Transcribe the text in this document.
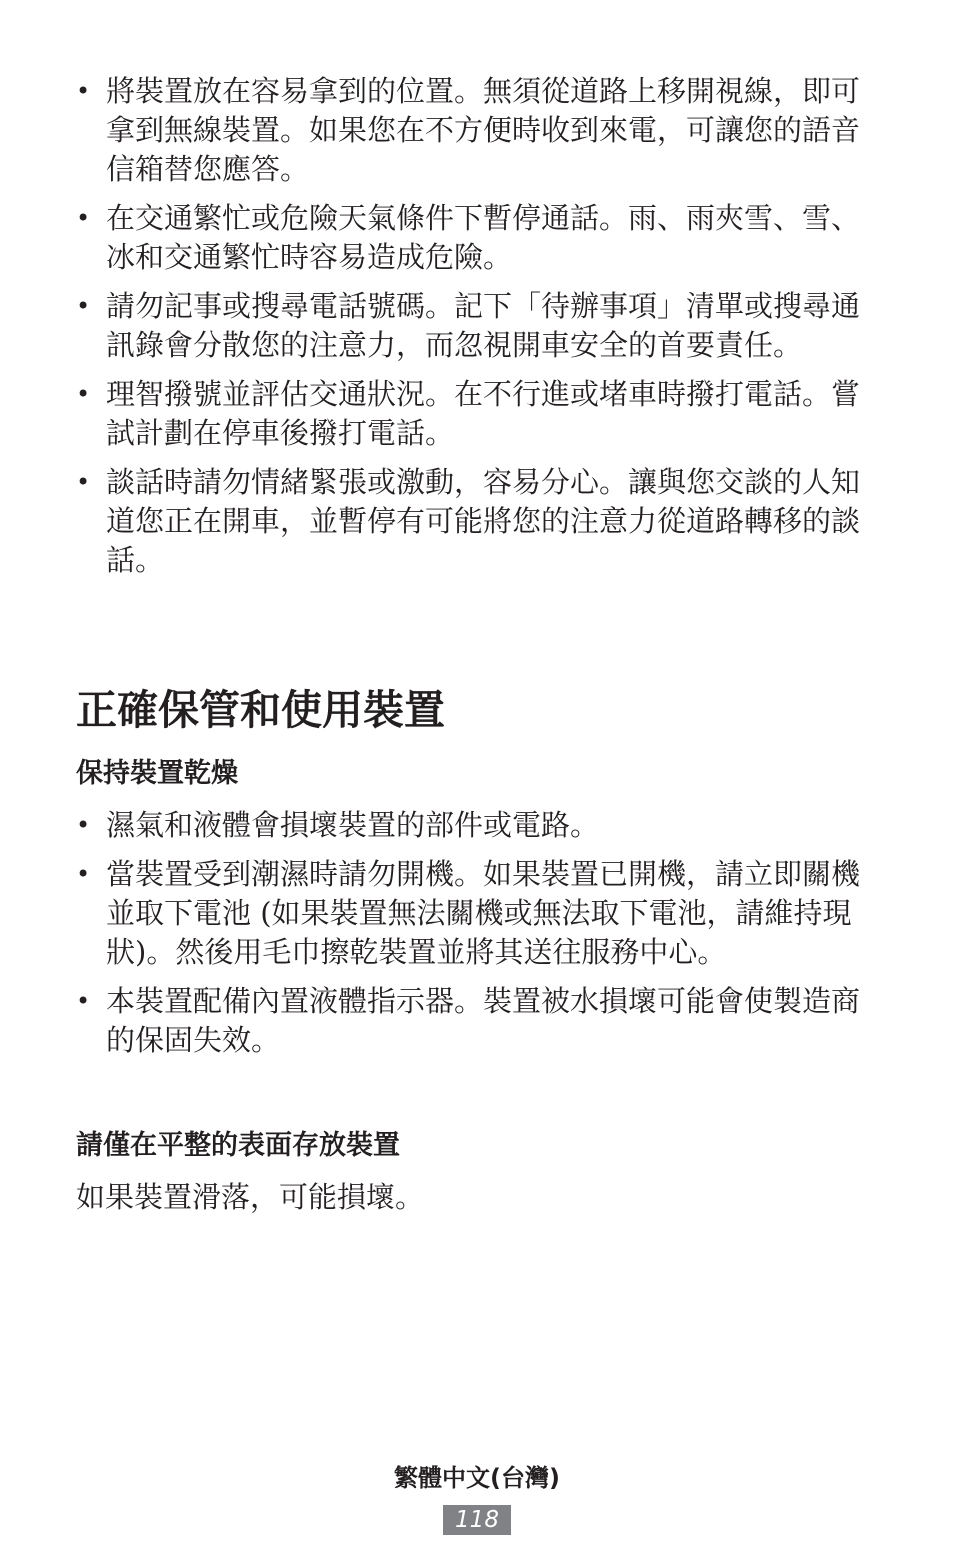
• 將裝置放在容易拿到的位置。無須從道路上移開視線，即可拿到無線裝置。如果您在不方便時收到來電，可讓您的語音信箱替您應答。
• 在交通繁忙或危險天氣條件下暫停通話。雨、雨夾雪、雪、冰和交通繁忙時容易造成危險。
• 請勿記事或搜尋電話號碼。記下「待辦事項」清單或搜尋通訊錄會分散您的注意力，而忽視開車安全的首要責任。
• 理智撥號並評估交通狀況。在不行進或堵車時撥打電話。嘗試計劃在停車後撥打電話。
• 談話時請勿情緒緊張或激動，容易分心。讓與您交談的人知道您正在開車，並暫停有可能將您的注意力從道路轉移的談話。
正確保管和使用裝置
保持裝置乾燥
• 濕氣和液體會損壞裝置的部件或電路。
• 當裝置受到潮濕時請勿開機。如果裝置已開機，請立即關機並取下電池 (如果裝置無法關機或無法取下電池，請維持現狀)。然後用毛巾擦乾裝置並將其送往服務中心。
• 本裝置配備內置液體指示器。裝置被水損壞可能會使製造商的保固失效。
請僅在平整的表面存放裝置

如果裝置滑落，可能損壞。

繁體中文(台灣)
118
